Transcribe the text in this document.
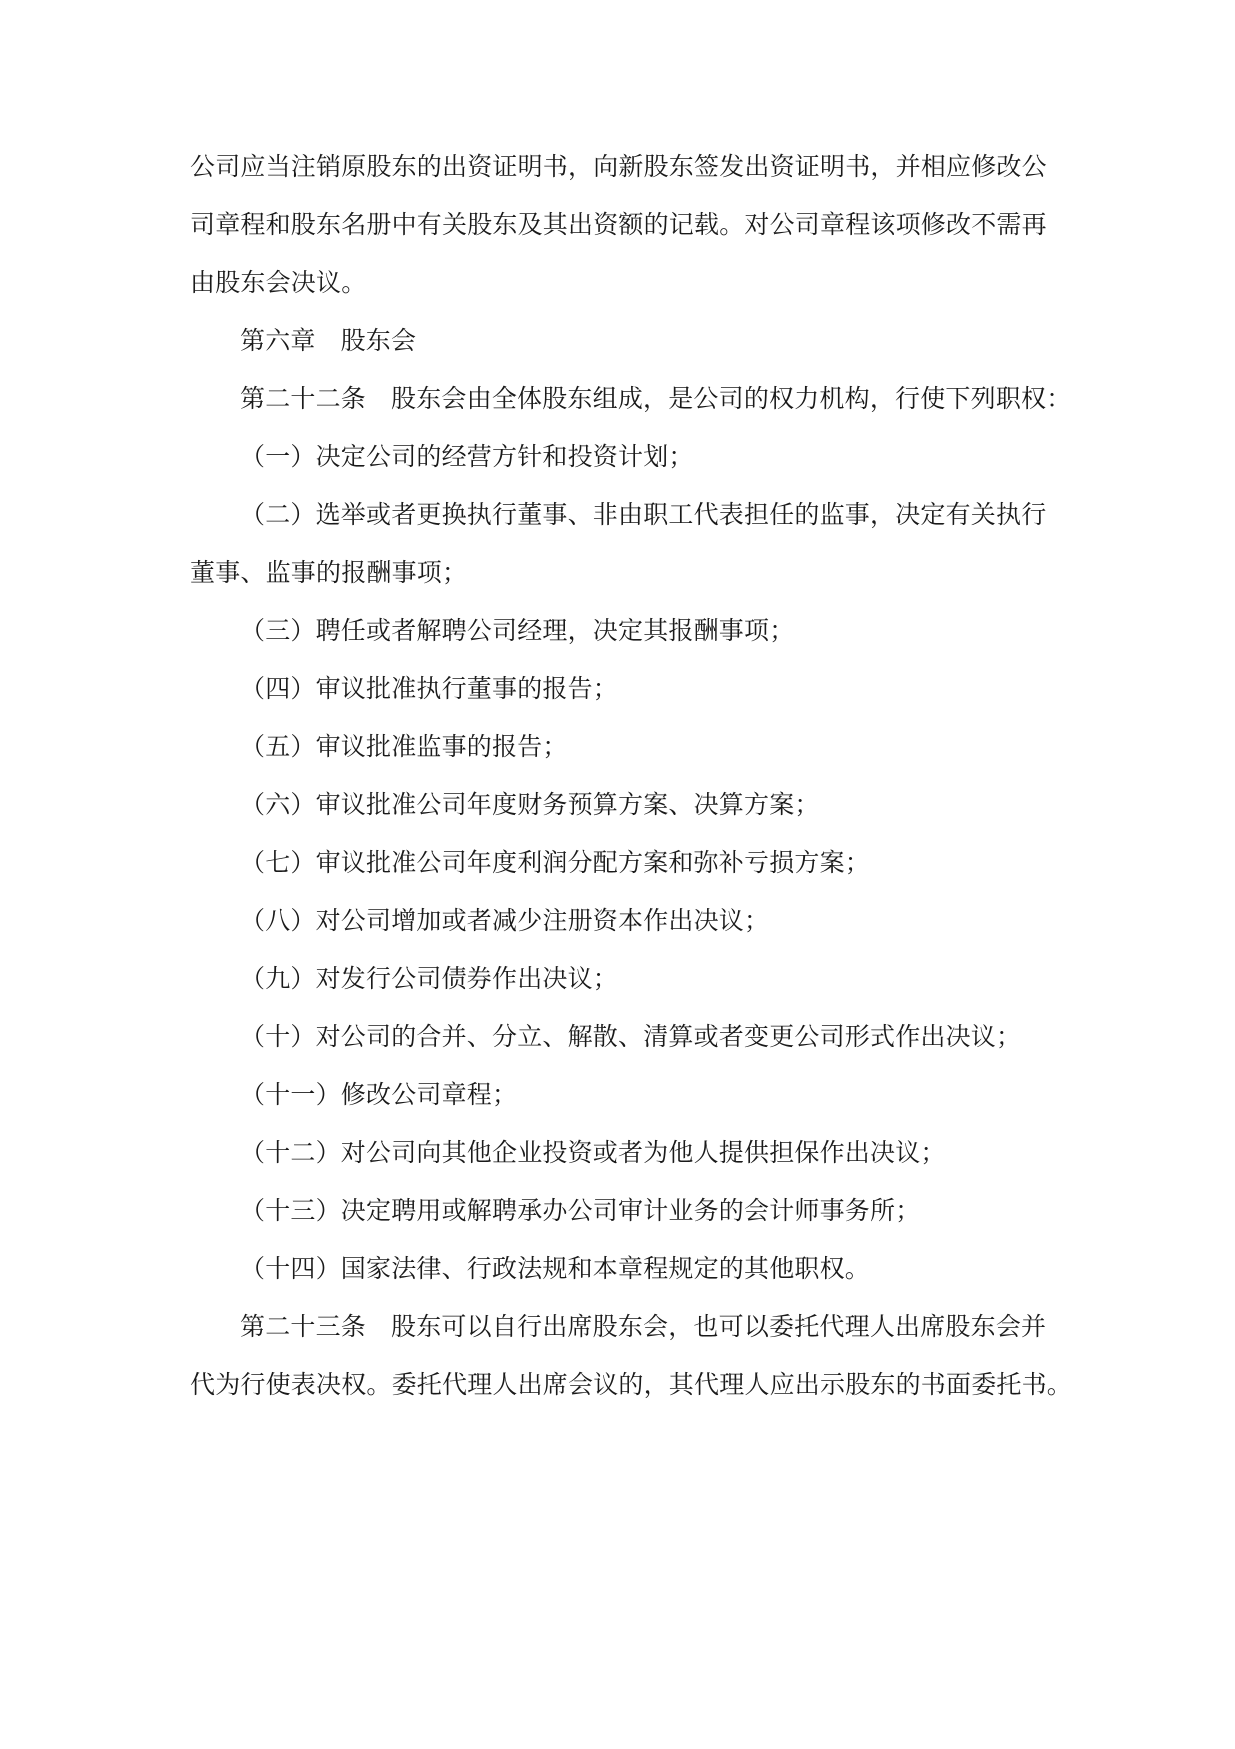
公司应当注销原股东的出资证明书，向新股东签发出资证明书，并相应修改公
司章程和股东名册中有关股东及其出资额的记载。对公司章程该项修改不需再
由股东会决议。
第六章 股东会
第二十二条 股东会由全体股东组成，是公司的权力机构，行使下列职权：
（一）决定公司的经营方针和投资计划；
（二）选举或者更换执行董事、非由职工代表担任的监事，决定有关执行
董事、监事的报酬事项；
（三）聘任或者解聘公司经理，决定其报酬事项；
（四）审议批准执行董事的报告；
（五）审议批准监事的报告；
（六）审议批准公司年度财务预算方案、决算方案；
（七）审议批准公司年度利润分配方案和弥补亏损方案；
（八）对公司增加或者减少注册资本作出决议；
（九）对发行公司债券作出决议；
（十）对公司的合并、分立、解散、清算或者变更公司形式作出决议；
（十一）修改公司章程；
（十二）对公司向其他企业投资或者为他人提供担保作出决议；
（十三）决定聘用或解聘承办公司审计业务的会计师事务所；
（十四）国家法律、行政法规和本章程规定的其他职权。
第二十三条 股东可以自行出席股东会，也可以委托代理人出席股东会并
代为行使表决权。委托代理人出席会议的，其代理人应出示股东的书面委托书。
